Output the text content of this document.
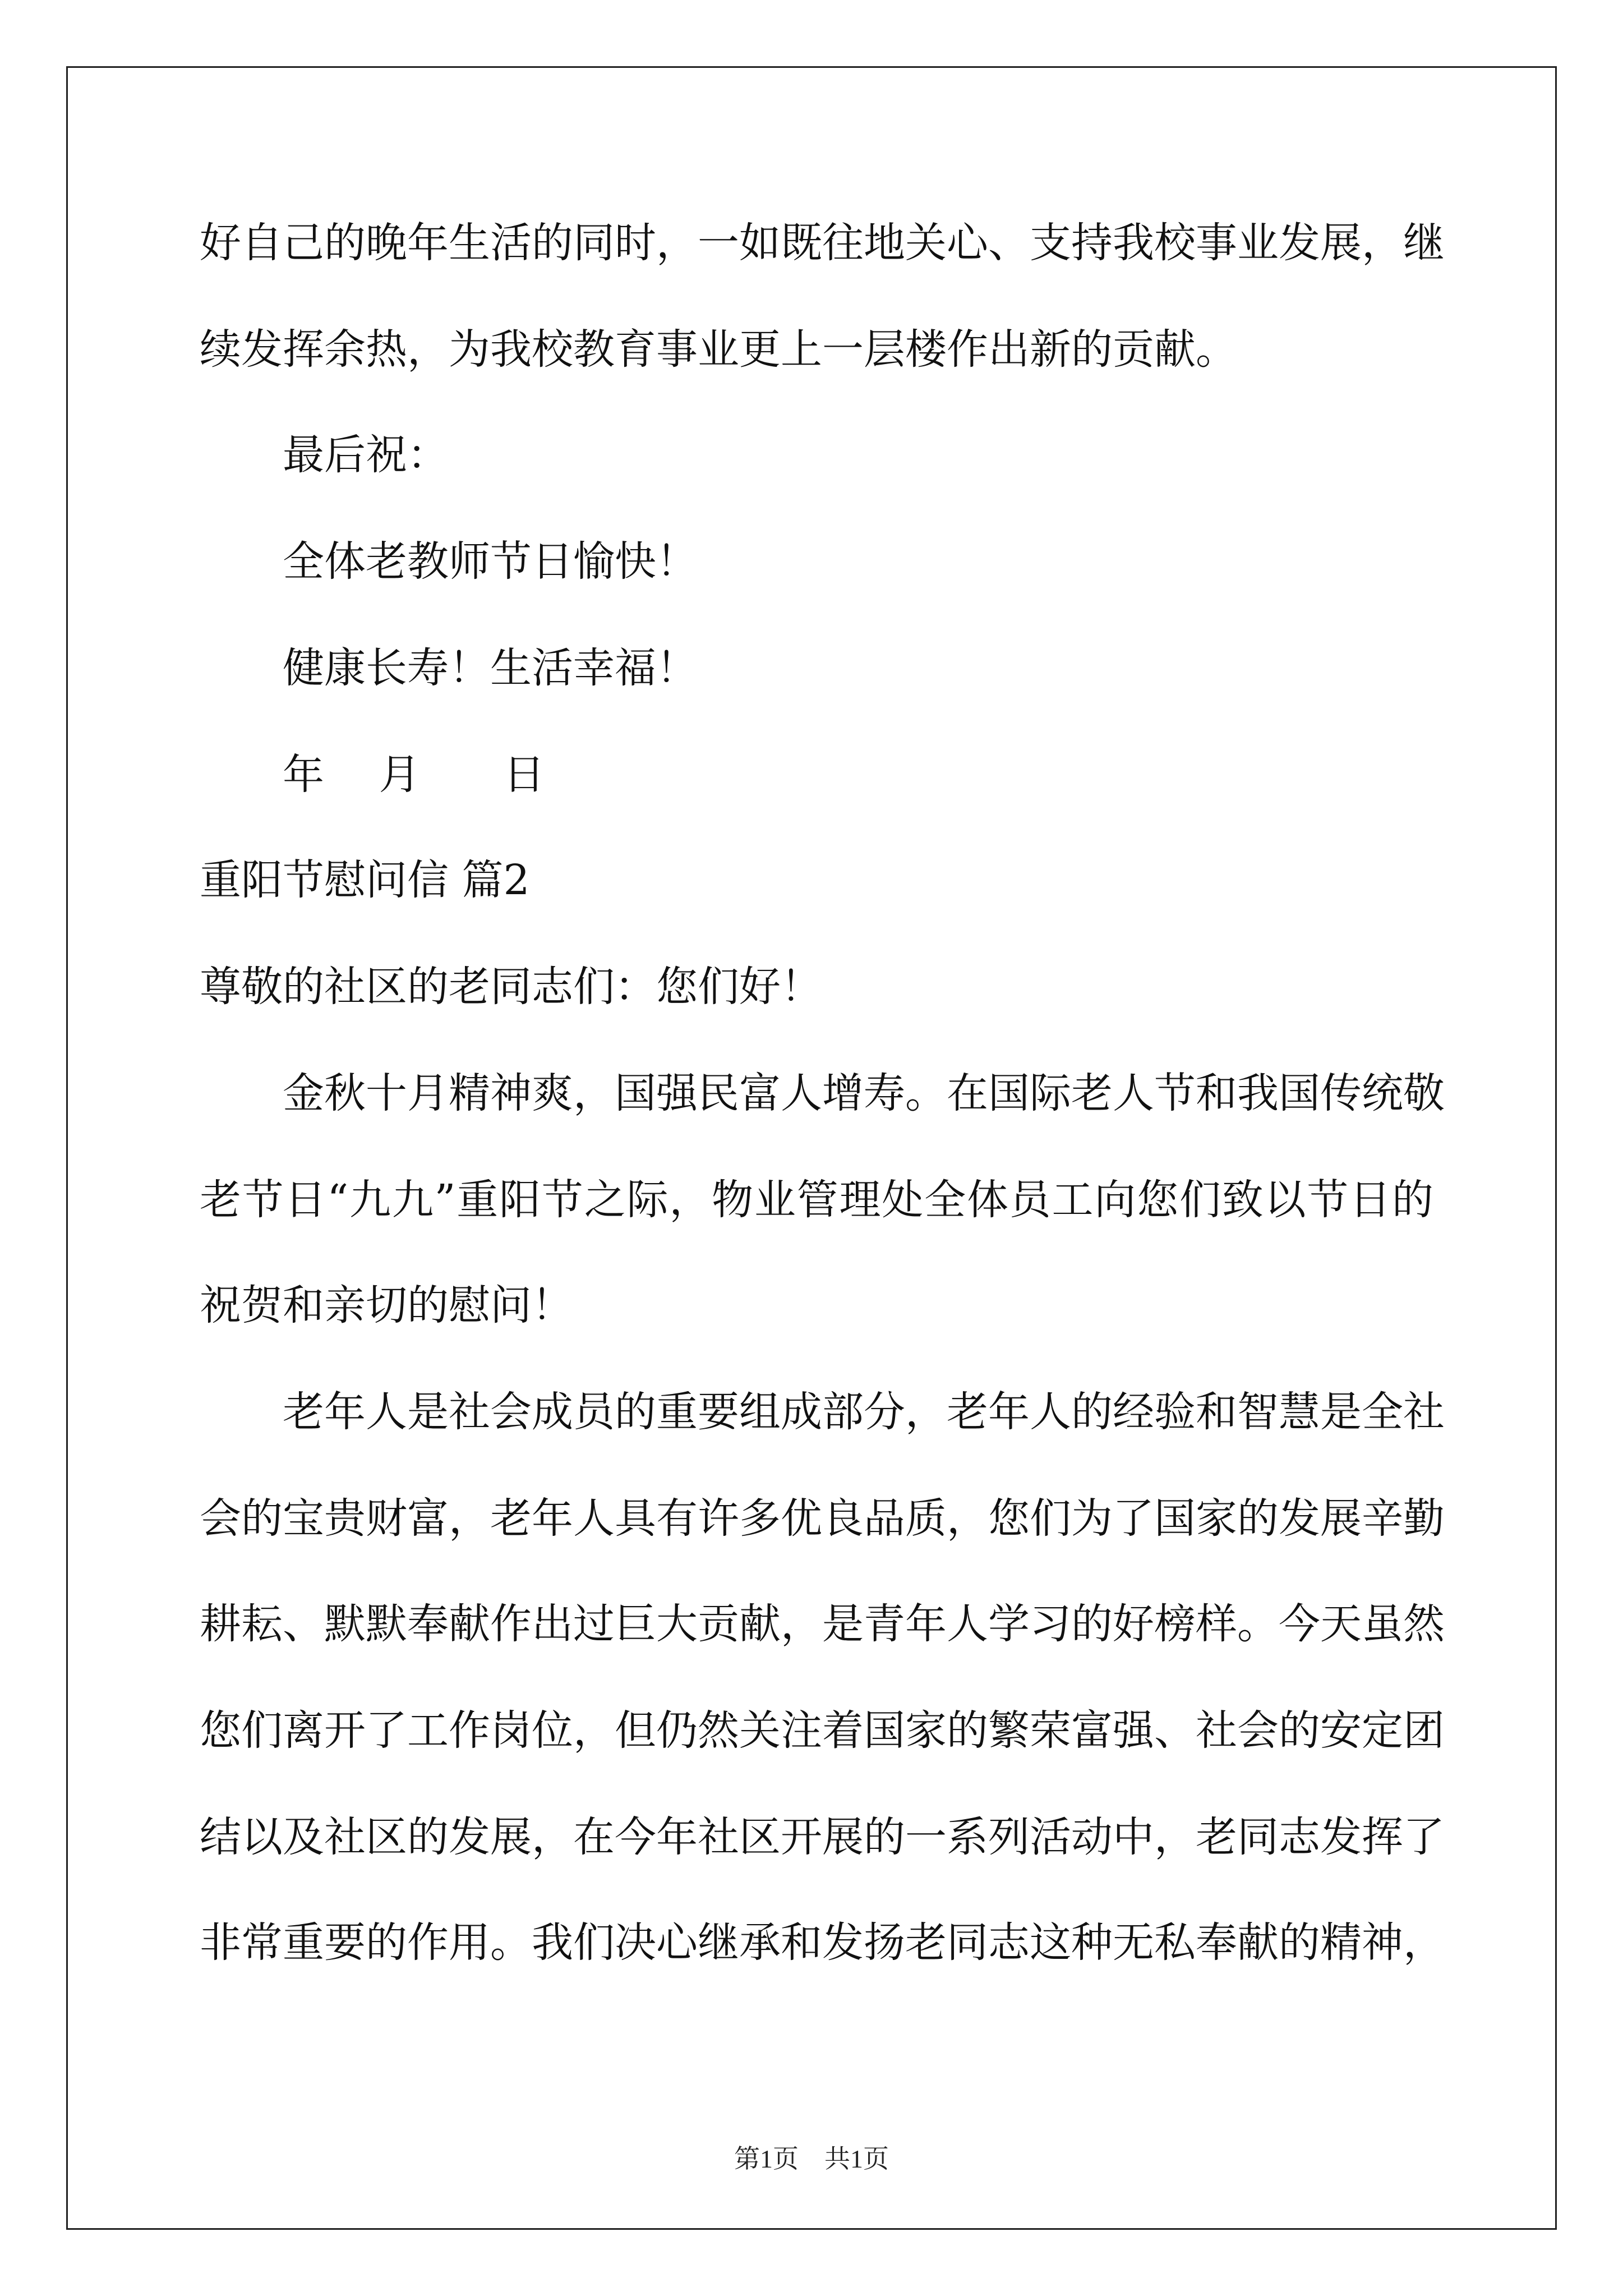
好自己的晚年生活的同时，一如既往地关心、支持我校事业发展，继
续发挥余热，为我校教育事业更上一层楼作出新的贡献。
最后祝：
全体老教师节日愉快！
健康长寿！生活幸福！
年　 月　　日
重阳节慰问信 篇2
尊敬的社区的老同志们：您们好！
金秋十月精神爽，国强民富人增寿。在国际老人节和我国传统敬
老节日“九九”重阳节之际，物业管理处全体员工向您们致以节日的
祝贺和亲切的慰问！
老年人是社会成员的重要组成部分，老年人的经验和智慧是全社
会的宝贵财富，老年人具有许多优良品质，您们为了国家的发展辛勤
耕耘、默默奉献作出过巨大贡献，是青年人学习的好榜样。今天虽然
您们离开了工作岗位，但仍然关注着国家的繁荣富强、社会的安定团
结以及社区的发展，在今年社区开展的一系列活动中，老同志发挥了
非常重要的作用。我们决心继承和发扬老同志这种无私奉献的精神，
第1页　共1页
